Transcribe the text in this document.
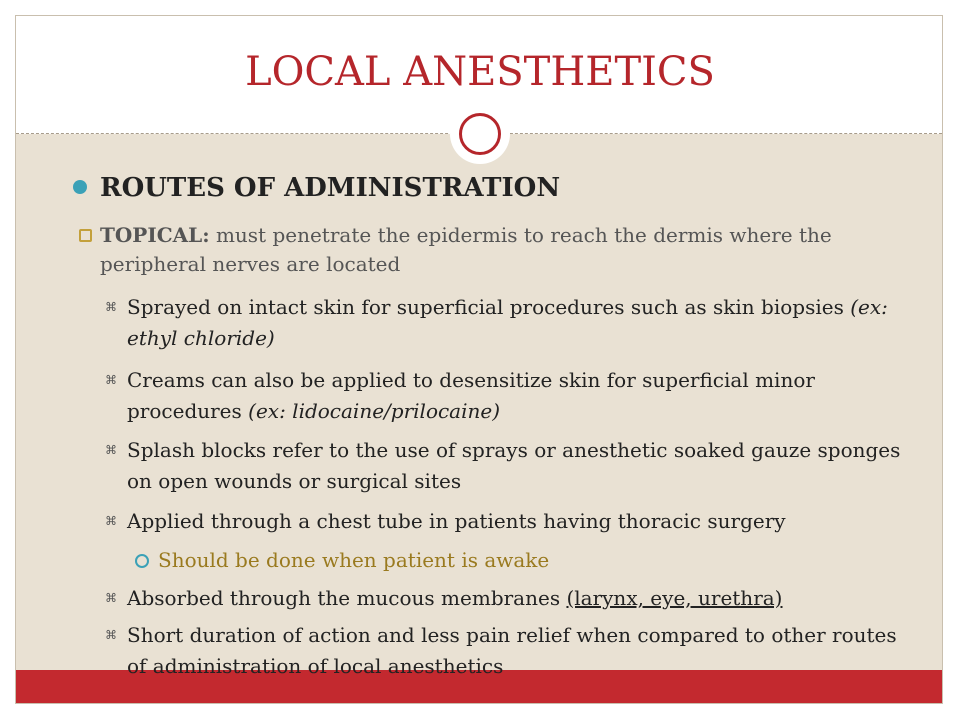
LOCAL ANESTHETICS
ROUTES OF ADMINISTRATION
TOPICAL: must penetrate the epidermis to reach the dermis where the peripheral nerves are located
⌘ Sprayed on intact skin for superficial procedures such as skin biopsies (ex: ethyl chloride)
⌘ Creams can also be applied to desensitize skin for superficial minor procedures (ex: lidocaine/prilocaine)
⌘ Splash blocks refer to the use of sprays or anesthetic soaked gauze sponges on open wounds or surgical sites
⌘ Applied through a chest tube in patients having thoracic surgery
Should be done when patient is awake
⌘ Absorbed through the mucous membranes (larynx, eye, urethra)
⌘ Short duration of action and less pain relief when compared to other routes of administration of local anesthetics
